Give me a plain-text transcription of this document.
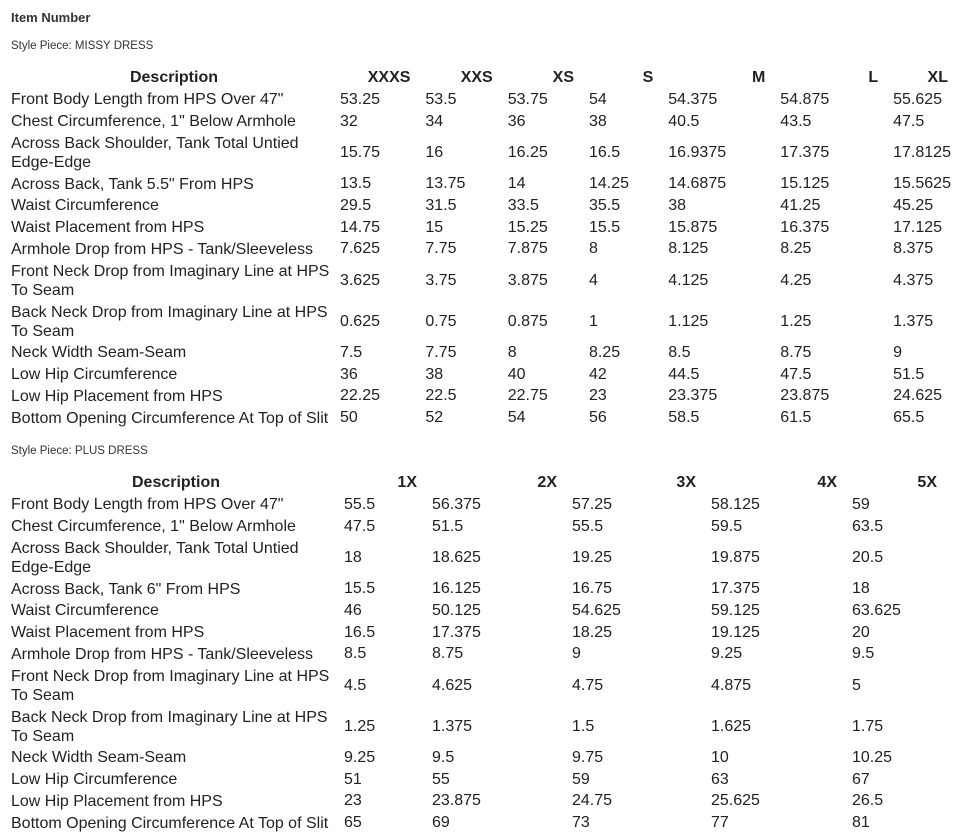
Item Number
Style Piece: MISSY DRESS
Description	XXXS	XXS	XS	S	M	L	XL
Front Body Length from HPS Over 47"	53.25	53.5	53.75	54	54.375	54.875	55.625
Chest Circumference, 1" Below Armhole	32	34	36	38	40.5	43.5	47.5
Across Back Shoulder, Tank Total Untied Edge-Edge	15.75	16	16.25	16.5	16.9375	17.375	17.8125
Across Back, Tank 5.5" From HPS	13.5	13.75	14	14.25	14.6875	15.125	15.5625
Waist Circumference	29.5	31.5	33.5	35.5	38	41.25	45.25
Waist Placement from HPS	14.75	15	15.25	15.5	15.875	16.375	17.125
Armhole Drop from HPS - Tank/Sleeveless	7.625	7.75	7.875	8	8.125	8.25	8.375
Front Neck Drop from Imaginary Line at HPS To Seam	3.625	3.75	3.875	4	4.125	4.25	4.375
Back Neck Drop from Imaginary Line at HPS To Seam	0.625	0.75	0.875	1	1.125	1.25	1.375
Neck Width Seam-Seam	7.5	7.75	8	8.25	8.5	8.75	9
Low Hip Circumference	36	38	40	42	44.5	47.5	51.5
Low Hip Placement from HPS	22.25	22.5	22.75	23	23.375	23.875	24.625
Bottom Opening Circumference At Top of Slit	50	52	54	56	58.5	61.5	65.5
Style Piece: PLUS DRESS
Description	1X	2X	3X	4X	5X
Front Body Length from HPS Over 47"	55.5	56.375	57.25	58.125	59
Chest Circumference, 1" Below Armhole	47.5	51.5	55.5	59.5	63.5
Across Back Shoulder, Tank Total Untied Edge-Edge	18	18.625	19.25	19.875	20.5
Across Back, Tank 6" From HPS	15.5	16.125	16.75	17.375	18
Waist Circumference	46	50.125	54.625	59.125	63.625
Waist Placement from HPS	16.5	17.375	18.25	19.125	20
Armhole Drop from HPS - Tank/Sleeveless	8.5	8.75	9	9.25	9.5
Front Neck Drop from Imaginary Line at HPS To Seam	4.5	4.625	4.75	4.875	5
Back Neck Drop from Imaginary Line at HPS To Seam	1.25	1.375	1.5	1.625	1.75
Neck Width Seam-Seam	9.25	9.5	9.75	10	10.25
Low Hip Circumference	51	55	59	63	67
Low Hip Placement from HPS	23	23.875	24.75	25.625	26.5
Bottom Opening Circumference At Top of Slit	65	69	73	77	81
